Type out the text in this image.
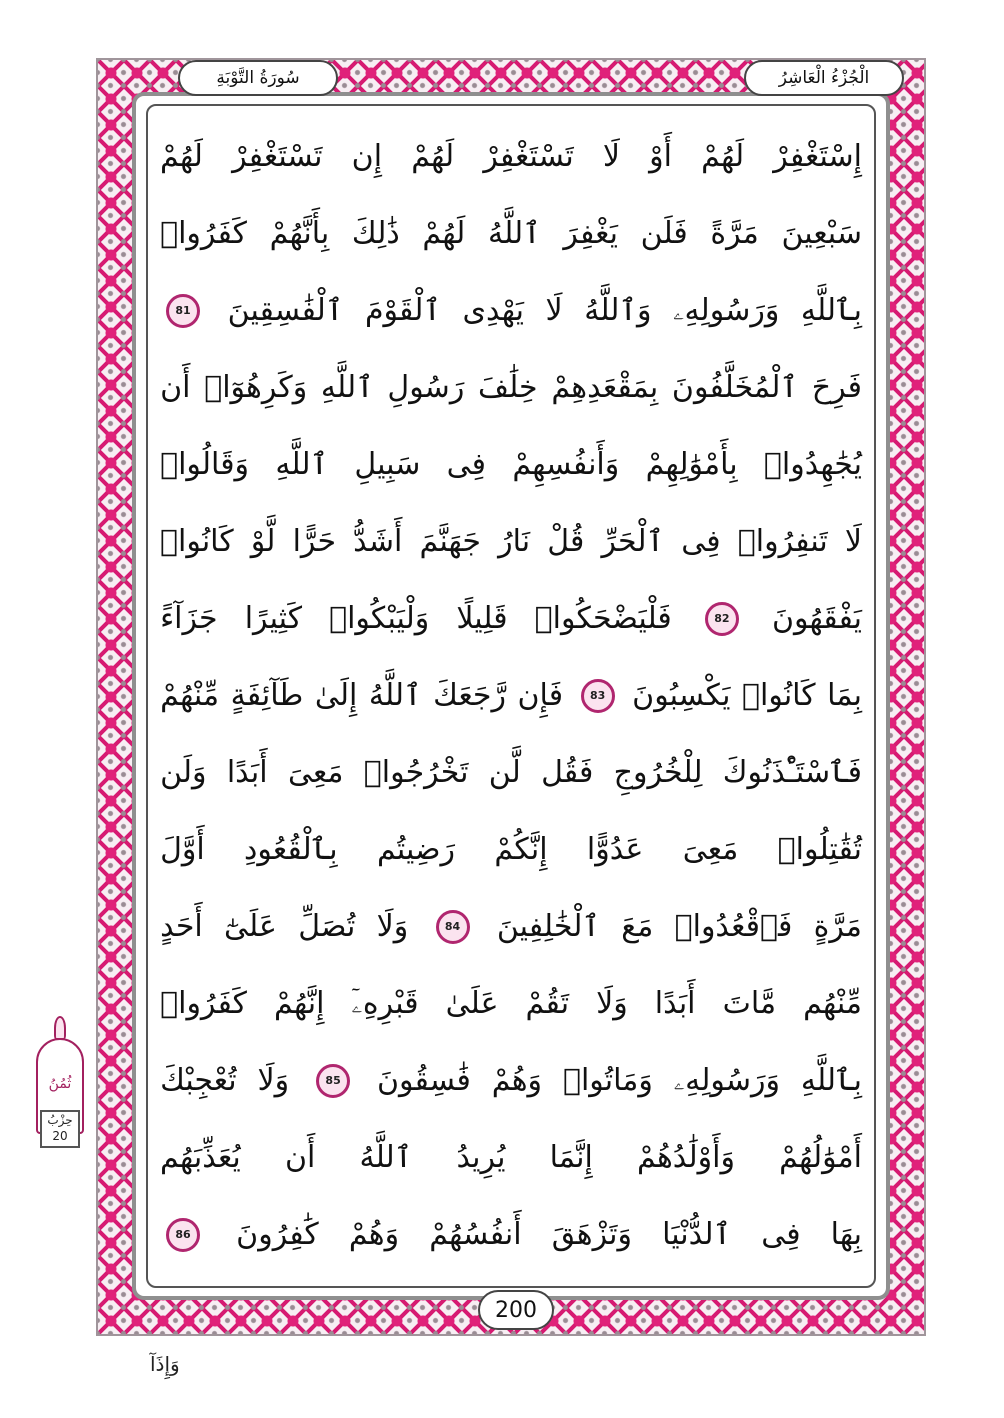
الْجُزْءُ الْعَاشِرُ
سُورَةُ التَّوْبَةِ
إِسْتَغْفِرْ
لَهُمْ
أَوْ
لَا
تَسْتَغْفِرْ
لَهُمْ
إِن
تَسْتَغْفِرْ
لَهُمْ
سَبْعِينَ
مَرَّةً
فَلَن
يَغْفِرَ
ٱللَّهُ
لَهُمْ
ذَٰلِكَ
بِأَنَّهُمْ
كَفَرُوا۟
بِٱللَّهِ
وَرَسُولِهِۦ
وَٱللَّهُ
لَا
يَهْدِى
ٱلْقَوْمَ
ٱلْفَٰسِقِينَ
81
فَرِحَ
ٱلْمُخَلَّفُونَ
بِمَقْعَدِهِمْ
خِلَٰفَ
رَسُولِ
ٱللَّهِ
وَكَرِهُوٓا۟
أَن
يُجَٰهِدُوا۟
بِأَمْوَٰلِهِمْ
وَأَنفُسِهِمْ
فِى
سَبِيلِ
ٱللَّهِ
وَقَالُوا۟
لَا
تَنفِرُوا۟
فِى
ٱلْحَرِّ
قُلْ
نَارُ
جَهَنَّمَ
أَشَدُّ
حَرًّا
لَّوْ
كَانُوا۟
يَفْقَهُونَ
82
فَلْيَضْحَكُوا۟
قَلِيلًا
وَلْيَبْكُوا۟
كَثِيرًا
جَزَآءً
بِمَا
كَانُوا۟
يَكْسِبُونَ
83
فَإِن
رَّجَعَكَ
ٱللَّهُ
إِلَىٰ
طَآئِفَةٍ
مِّنْهُمْ
فَٱسْتَـْٔذَنُوكَ
لِلْخُرُوجِ
فَقُل
لَّن
تَخْرُجُوا۟
مَعِىَ
أَبَدًا
وَلَن
تُقَٰتِلُوا۟
مَعِىَ
عَدُوًّا
إِنَّكُمْ
رَضِيتُم
بِٱلْقُعُودِ
أَوَّلَ
مَرَّةٍ
فَٱقْعُدُوا۟
مَعَ
ٱلْخَٰلِفِينَ
84
وَلَا
تُصَلِّ
عَلَىٰٓ
أَحَدٍ
مِّنْهُم
مَّاتَ
أَبَدًا
وَلَا
تَقُمْ
عَلَىٰ
قَبْرِهِۦٓ
إِنَّهُمْ
كَفَرُوا۟
بِٱللَّهِ
وَرَسُولِهِۦ
وَمَاتُوا۟
وَهُمْ
فَٰسِقُونَ
85
وَلَا
تُعْجِبْكَ
أَمْوَٰلُهُمْ
وَأَوْلَٰدُهُمْ
إِنَّمَا
يُرِيدُ
ٱللَّهُ
أَن
يُعَذِّبَهُم
بِهَا
فِى
ٱلدُّنْيَا
وَتَزْهَقَ
أَنفُسُهُمْ
وَهُمْ
كَٰفِرُونَ
86
200
ثُمُنُ
حِزْبُ
20
وَإِذَآ
